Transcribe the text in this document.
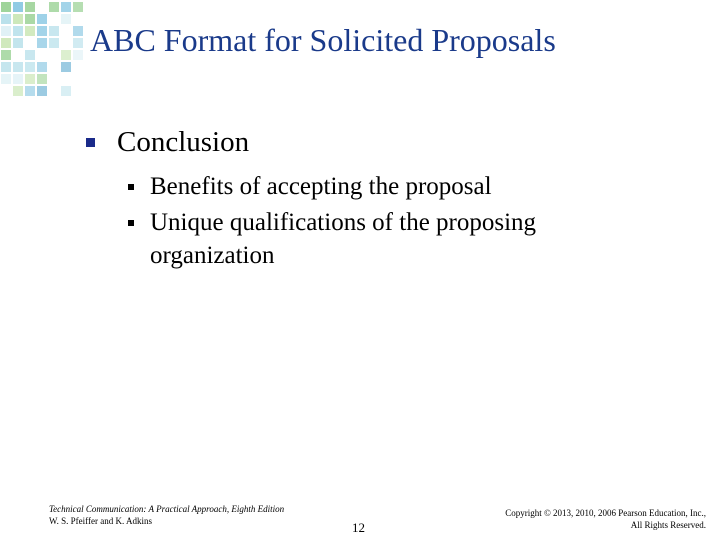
ABC Format for Solicited Proposals
Conclusion
Benefits of accepting the proposal
Unique qualifications of the proposing organization
Technical Communication: A Practical Approach, Eighth Edition
W. S. Pfeiffer and K. Adkins	12
Copyright © 2013, 2010, 2006 Pearson Education, Inc.,
All Rights Reserved.
